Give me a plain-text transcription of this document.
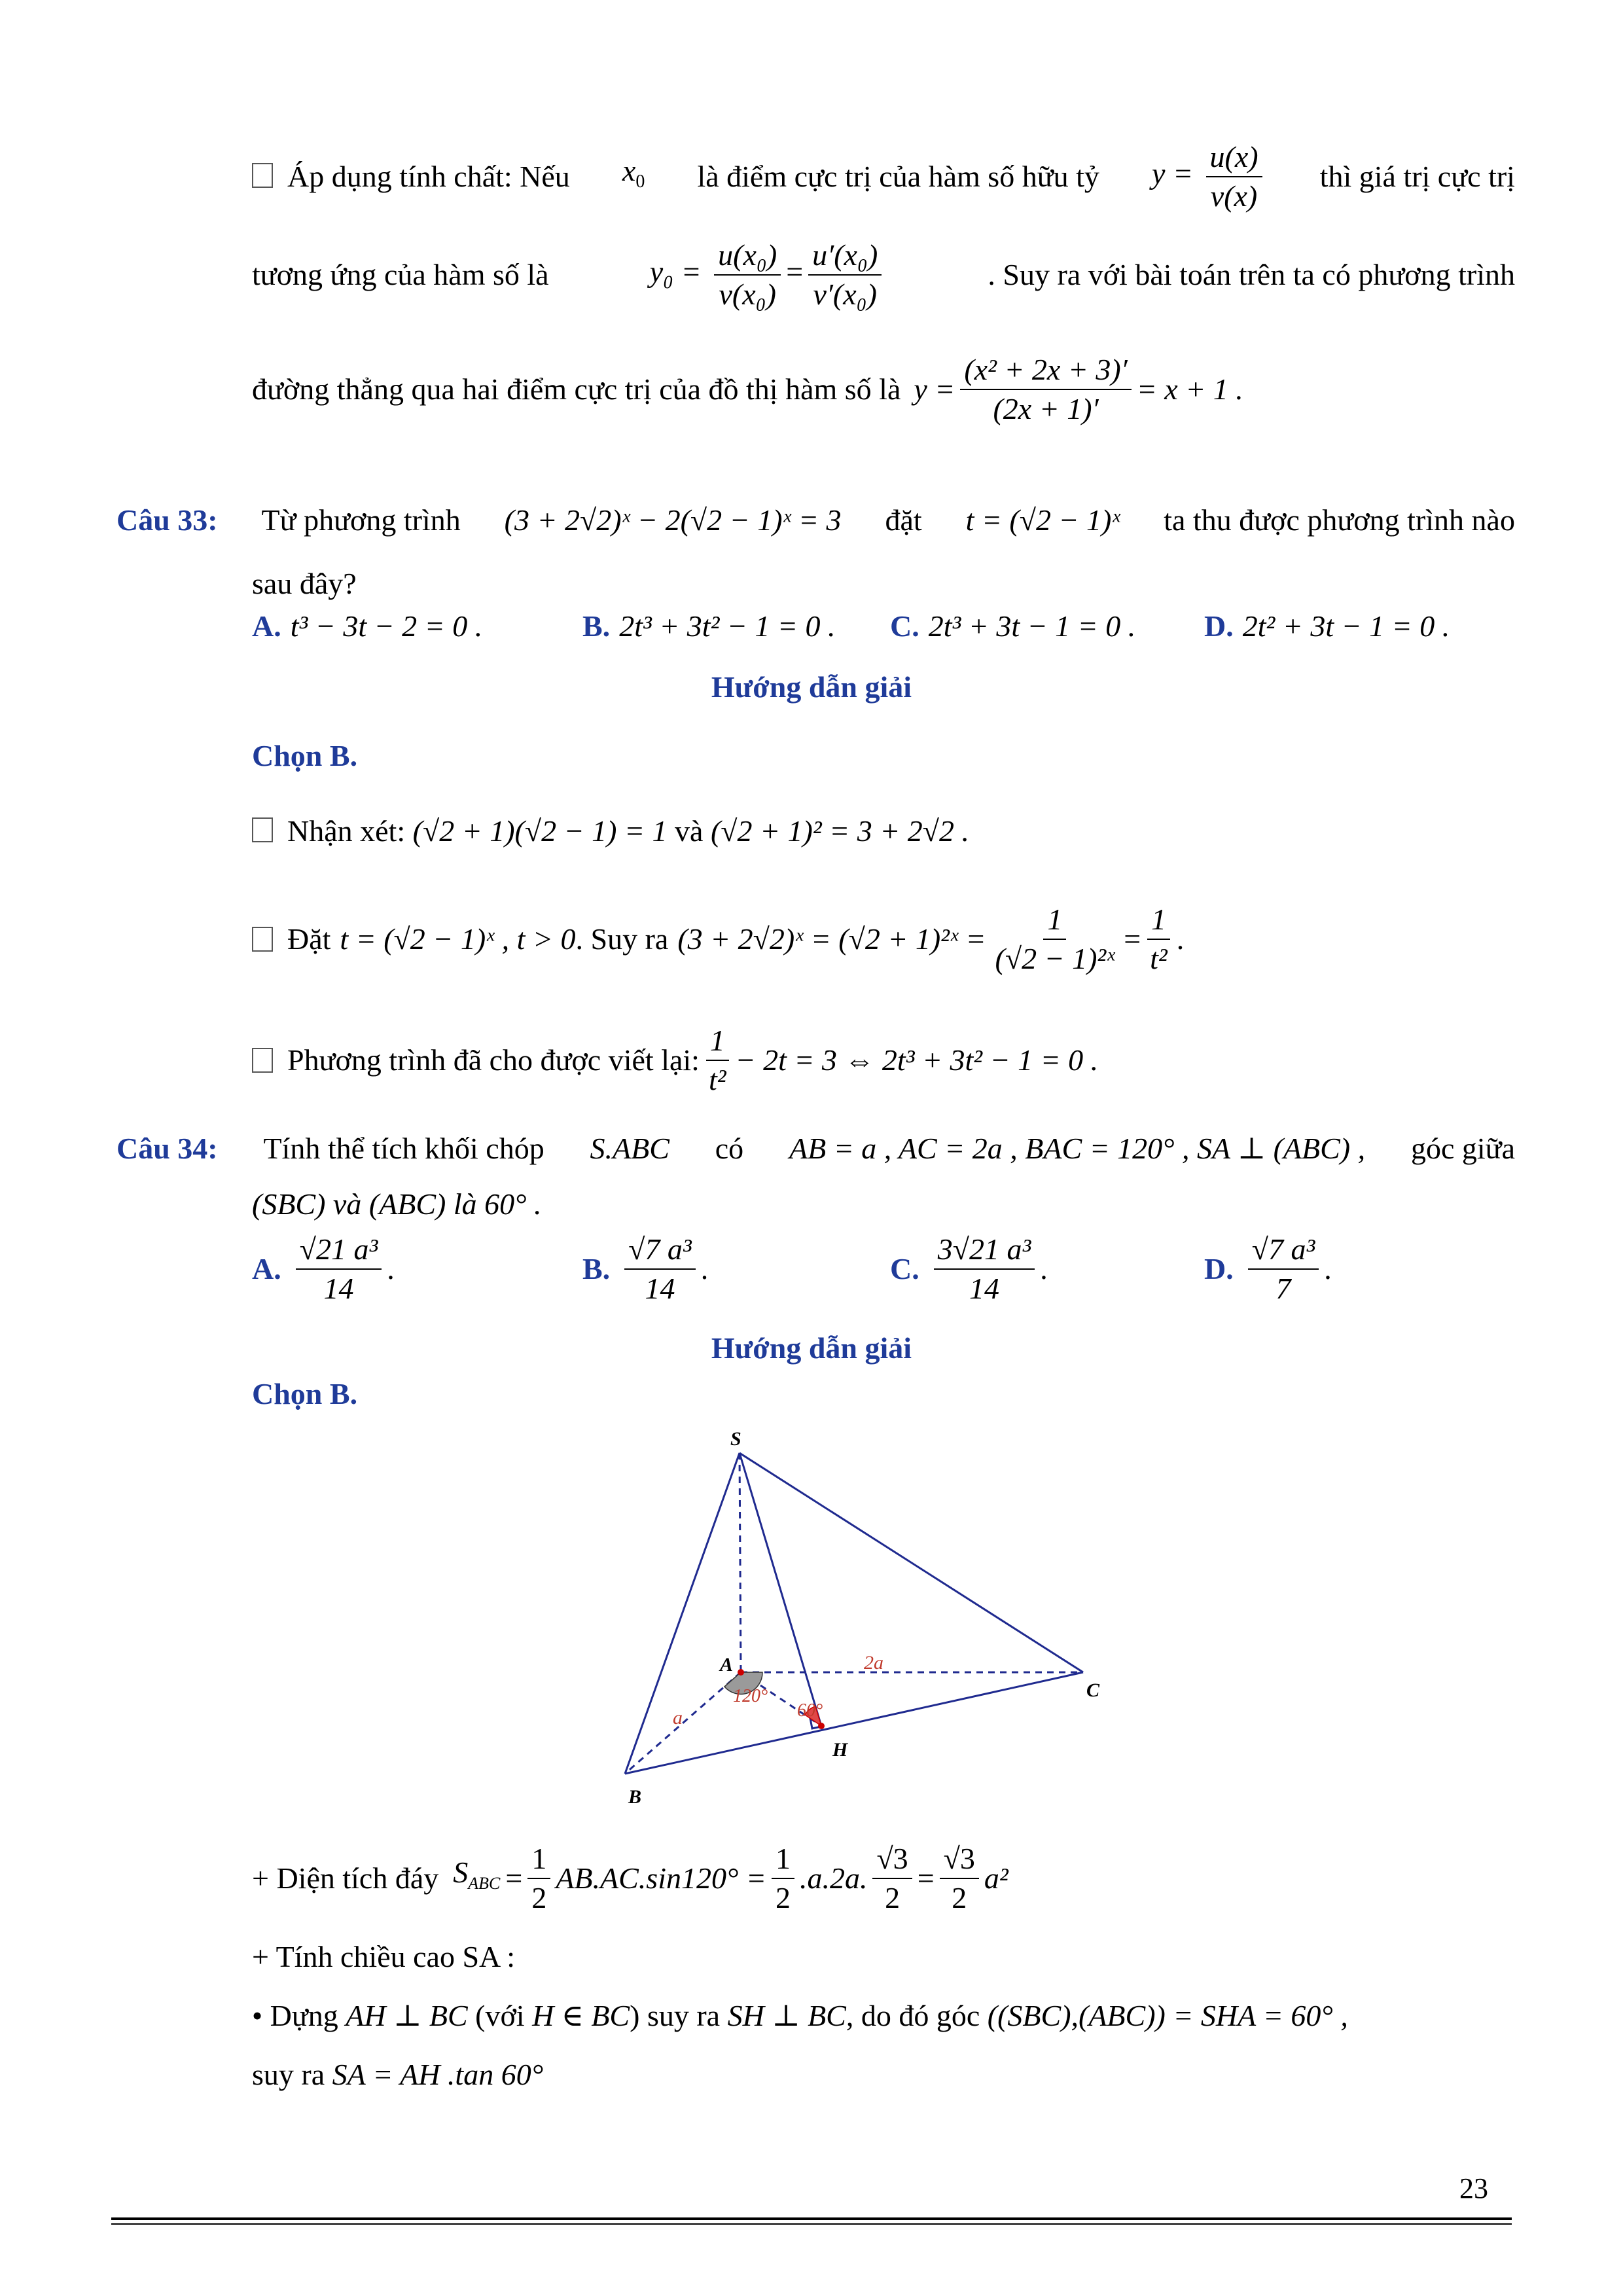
Áp dụng tính chất: Nếu $x_0$ là điểm cực trị của hàm số hữu tỷ $y = \frac{u(x)}{v(x)}$ thì giá trị cực trị
tương ứng của hàm số là	$y_0 = \frac{\text{u(x₀)}}{\text{v(x₀)}} = \frac{\text{u′(x₀)}}{\text{v′(x₀)}}$	. Suy ra với bài toán trên ta có phương trình
đường thẳng qua hai điểm cực trị của đồ thị hàm số là $y = \frac{\text{(x² + 2x + 3)′}}{(2x + 1)'} = x + 1$ .
Câu 33: Từ phương trình (3 + 2√2)ˣ − 2(√2 − 1)ˣ = 3 đặt t = (√2 − 1)ˣ ta thu được phương trình nào
sau đây?
A. t³ − 3t − 2 = 0 .	B. 2t³ + 3t² − 1 = 0 . C. 2t³ + 3t − 1 = 0 . D. 2t² + 3t − 1 = 0 .
Hướng dẫn giải
Chọn B.
Nhận xét: (√2 + 1)(√2 − 1) = 1 và (√2 + 1)² = 3 + 2√2 .
Đặt t = (√2 − 1)ˣ , t > 0 . Suy ra (3 + 2√2)ˣ = (√2 + 1)²ˣ = $\frac{1}{\text{(√2 − 1)²ˣ}} = \frac{1}{\text{t²}}$ .
Phương trình đã cho được viết lại: $\frac{1}{\text{t²}} - 2t = 3$ ⇔ 2t³ + 3t² − 1 = 0 .
Câu 34: Tính thể tích khối chóp S.ABC có AB = a , AC = 2a , BAC = 120° , SA ⊥ (ABC) , góc giữa
(SBC) và (ABC) là 60° .
A. $\frac{\text{√21 a³}}{14}$ .	B. $\frac{\text{√7 a³}}{14}$ .	C. $\frac{\text{3√21 a³}}{14}$ .	D. $\frac{\text{√7 a³}}{7}$ .
Hướng dẫn giải
Chọn B.
S
A
B
C
H
a
2a
120°
60°
+ Diện tích đáy $S_{ABC} = \frac{1}{2} AB.AC.\sin 120^\circ = \frac{1}{2} .a.2a$. $\frac{√3}{2} = \frac{√3}{2} a^2$
+ Tính chiều cao SA :
• Dựng AH ⊥ BC (với H ∈ BC) suy ra SH ⊥ BC, do đó góc ((SBC),(ABC)) = SHA = 60° ,
suy ra SA = AH .tan 60°
23
